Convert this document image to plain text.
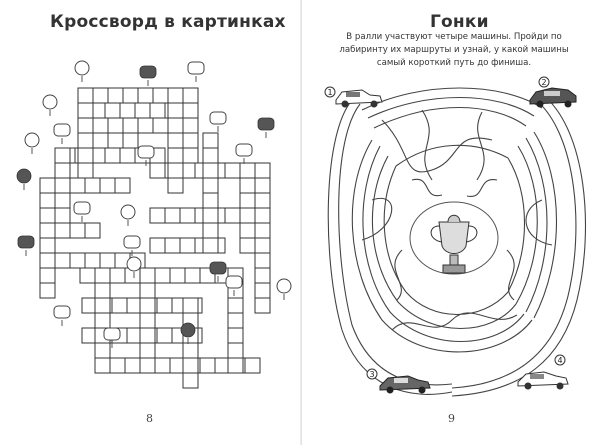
Кроссворд в картинках
8
Гонки
В ралли участвуют четыре машины. Пройди по лабиринту их маршруты и узнай, у какой машины самый короткий путь до финиша.
1
2
3
4
9
